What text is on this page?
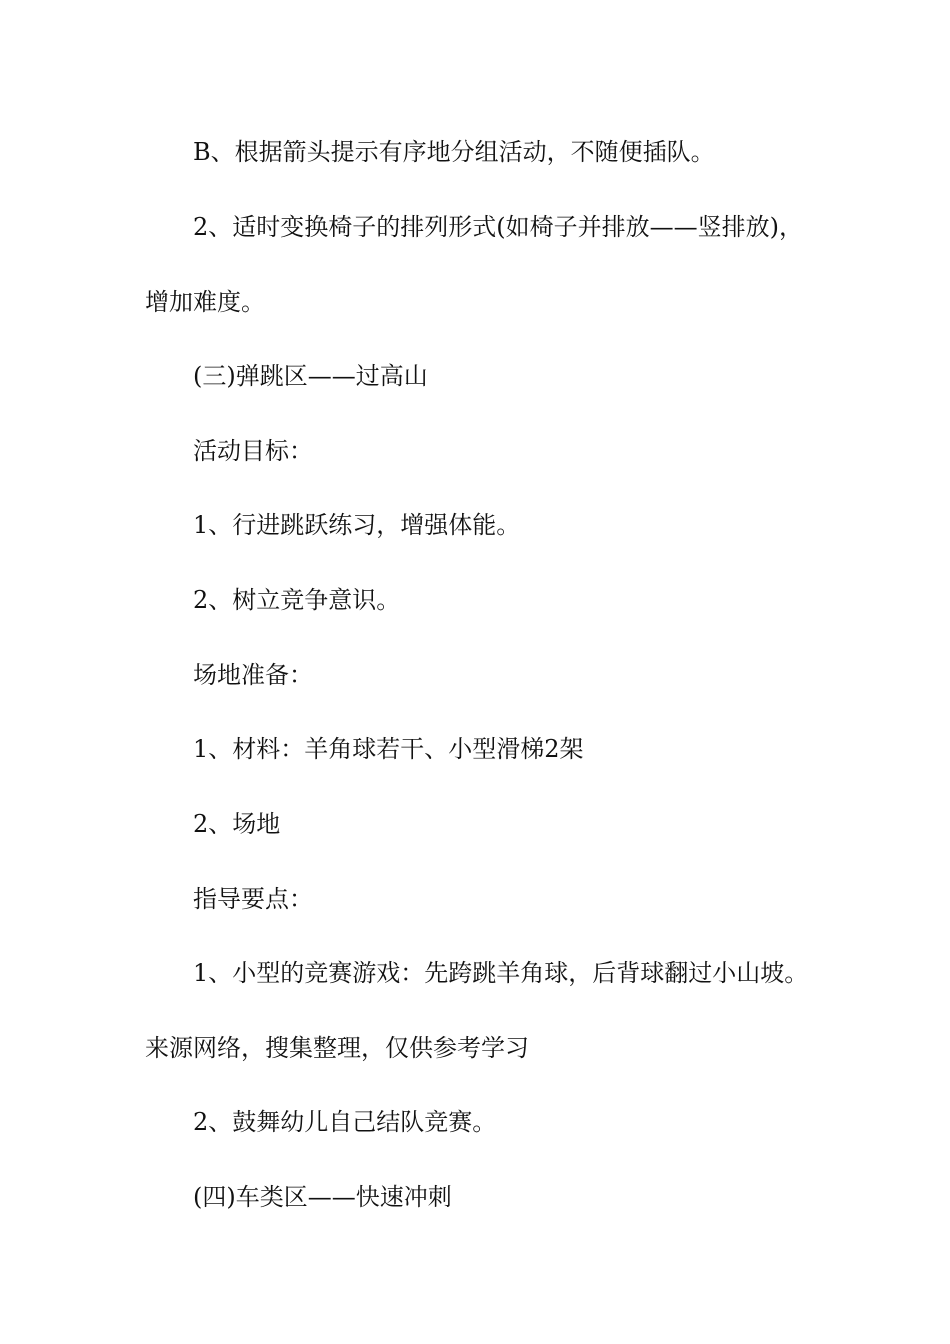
B、根据箭头提示有序地分组活动，不随便插队。
2、适时变换椅子的排列形式(如椅子并排放——竖排放)，
增加难度。
(三)弹跳区——过高山
活动目标：
1、行进跳跃练习，增强体能。
2、树立竞争意识。
场地准备：
1、材料：羊角球若干、小型滑梯2架
2、场地
指导要点：
1、小型的竞赛游戏：先跨跳羊角球，后背球翻过小山坡。
来源网络，搜集整理，仅供参考学习
2、鼓舞幼儿自己结队竞赛。
(四)车类区——快速冲刺
